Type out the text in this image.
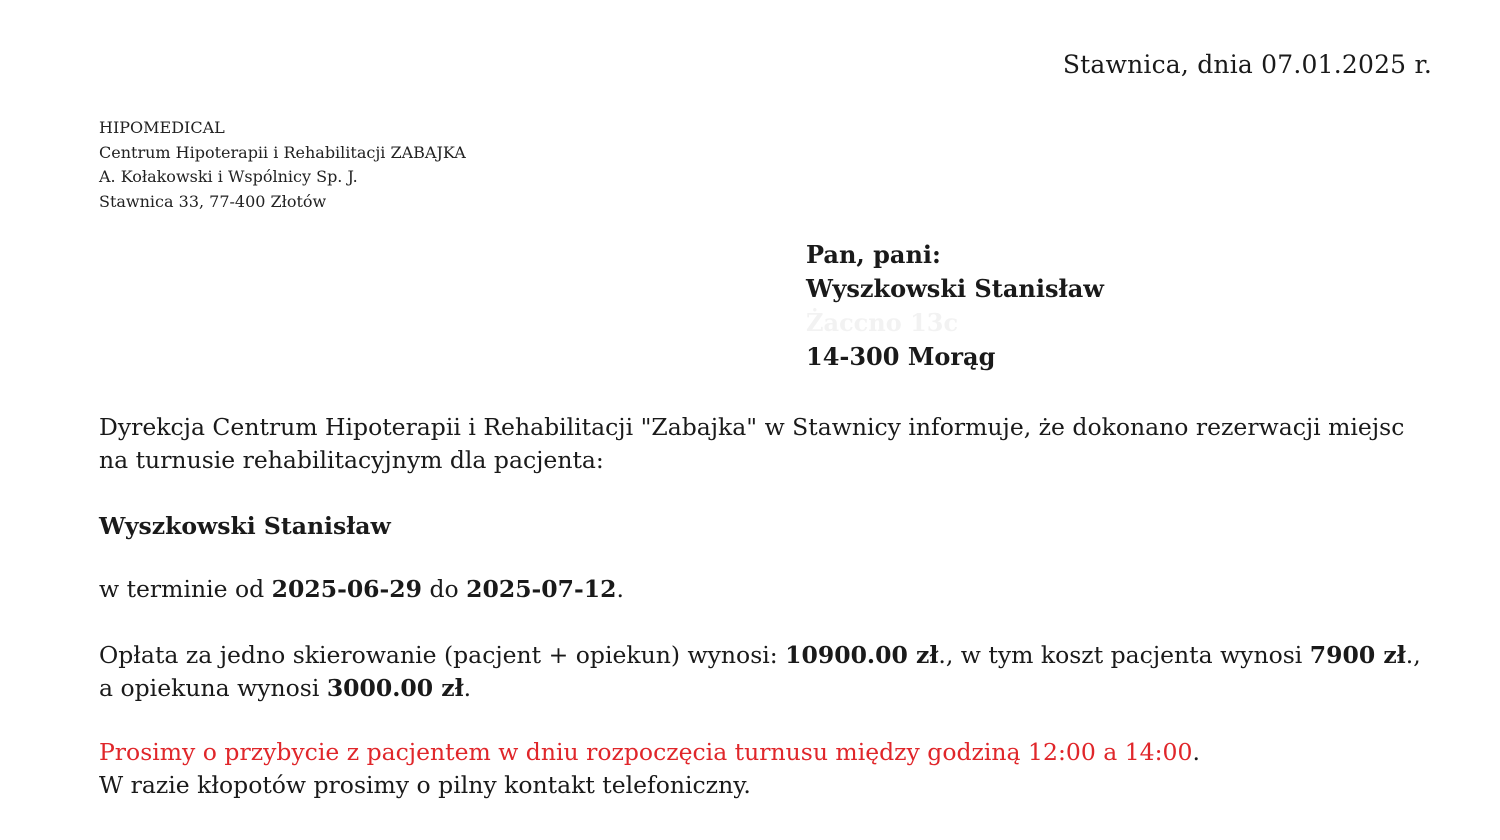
Stawnica, dnia 07.01.2025 r.
HIPOMEDICAL
Centrum Hipoterapii i Rehabilitacji ZABAJKA
A. Kołakowski i Wspólnicy Sp. J.
Stawnica 33, 77-400 Złotów
Pan, pani:
Wyszkowski Stanisław
Żaccno 13c
14-300 Morąg
Dyrekcja Centrum Hipoterapii i Rehabilitacji "Zabajka" w Stawnicy informuje, że dokonano rezerwacji miejsc
na turnusie rehabilitacyjnym dla pacjenta:
Wyszkowski Stanisław
w terminie od 2025-06-29 do 2025-07-12.
Opłata za jedno skierowanie (pacjent + opiekun) wynosi: 10900.00 zł., w tym koszt pacjenta wynosi 7900 zł.,
a opiekuna wynosi 3000.00 zł.
Prosimy o przybycie z pacjentem w dniu rozpoczęcia turnusu między godziną 12:00 a 14:00.
W razie kłopotów prosimy o pilny kontakt telefoniczny.
